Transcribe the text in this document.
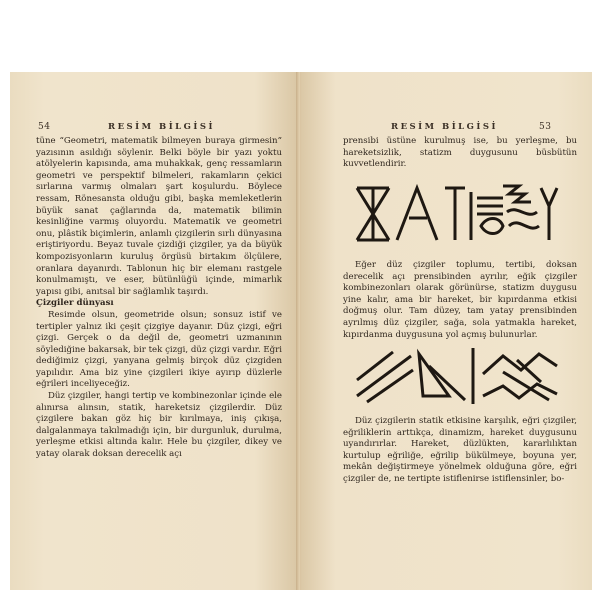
54	RESİM BİLGİSİ

tüne “Geometri, matematik bilmeyen buraya girmesin” yazısının asıldığı söylenir. Belki böyle bir yazı yoktu atölyelerin kapısında, ama muhakkak, genç ressamların geometri ve perspektif bilmeleri, rakamların çekici sırlarına varmış olmaları şart koşulurdu. Böylece ressam, Rönesansta olduğu gibi, başka memleketlerin büyük sanat çağlarında da, matematik bilimin kesinliğine varmış oluyordu. Matematik ve geometri onu, plâstik biçimlerin, anlamlı çizgilerin sırlı dünyasına eriştiriyordu. Beyaz tuvale çizdiği çizgiler, ya da büyük kompozisyonların kuruluş örgüsü birtakım ölçülere, oranlara dayanırdı. Tablonun hiç bir elemanı rastgele konulmamıştı, ve eser, bütünlüğü içinde, mimarlık yapısı gibi, anıtsal bir sağlamlık taşırdı.

Çizgiler dünyası

Resimde olsun, geometride olsun; sonsuz istif ve tertipler yalnız iki çeşit çizgiye dayanır. Düz çizgi, eğri çizgi. Gerçek o da değil de, geometri uzmanının söylediğine bakarsak, bir tek çizgi, düz çizgi vardır. Eğri dediğimiz çizgi, yanyana gelmiş birçok düz çizgiden yapılıdır. Ama biz yine çizgileri ikiye ayırıp düzlerle eğrileri inceliyeceğiz.

Düz çizgiler, hangi tertip ve kombinezonlar içinde ele alınırsa alınsın, statik, hareketsiz çizgilerdir. Düz çizgilere bakan göz hiç bir kırılmaya, iniş çıkışa, dalgalanmaya takılmadığı için, bir durgunluk, durulma, yerleşme etkisi altında kalır. Hele bu çizgiler, dikey ve yatay olarak doksan derecelik açı

RESİM BİLGİSİ	53

prensibi üstüne kurulmuş ise, bu yerleşme, bu hareketsizlik, statizm duygusunu büsbütün kuvvetlendirir.

Eğer düz çizgiler toplumu, tertibi, doksan derecelik açı prensibinden ayrılır, eğik çizgiler kombinezonları olarak görünürse, statizm duygusu yine kalır, ama bir hareket, bir kıpırdanma etkisi doğmuş olur. Tam düzey, tam yatay prensibinden ayrılmış düz çizgiler, sağa, sola yatmakla hareket, kıpırdanma duygusuna yol açmış bulunurlar.

Düz çizgilerin statik etkisine karşılık, eğri çizgiler, eğriliklerin arttıkça, dinamizm, hareket duygusunu uyandırırlar. Hareket, düzlükten, kararlılıktan kurtulup eğriliğe, eğrilip bükülmeye, boyuna yer, mekân değiştirmeye yönelmek olduğuna göre, eğri çizgiler de, ne tertipte istiflenirse istiflensinler, bo-
